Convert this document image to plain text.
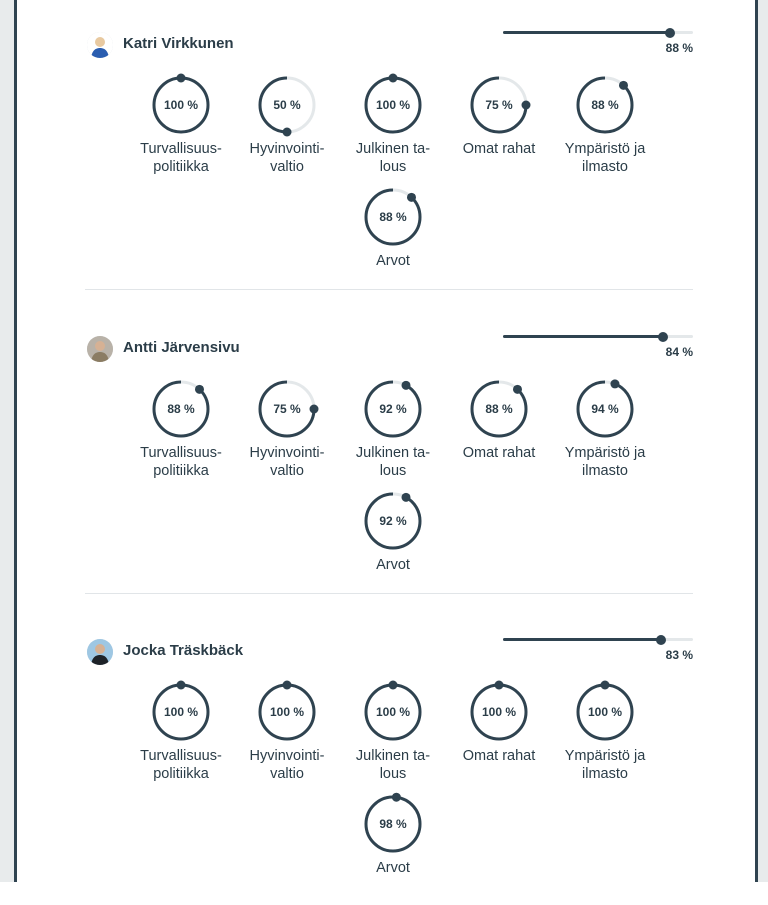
Katri Virkkunen	88 %
100 %
Turvallisuus-
politiikka
50 %
Hyvinvointi-
valtio
100 %
Julkinen ta-
lous
75 %
Omat rahat
88 %
Ympäristö ja
ilmasto
88 %
Arvot
Antti Järvensivu	84 %
88 %
Turvallisuus-
politiikka
75 %
Hyvinvointi-
valtio
92 %
Julkinen ta-
lous
88 %
Omat rahat
94 %
Ympäristö ja
ilmasto
92 %
Arvot
Jocka Träskbäck	83 %
100 %
Turvallisuus-
politiikka
100 %
Hyvinvointi-
valtio
100 %
Julkinen ta-
lous
100 %
Omat rahat
100 %
Ympäristö ja
ilmasto
98 %
Arvot
